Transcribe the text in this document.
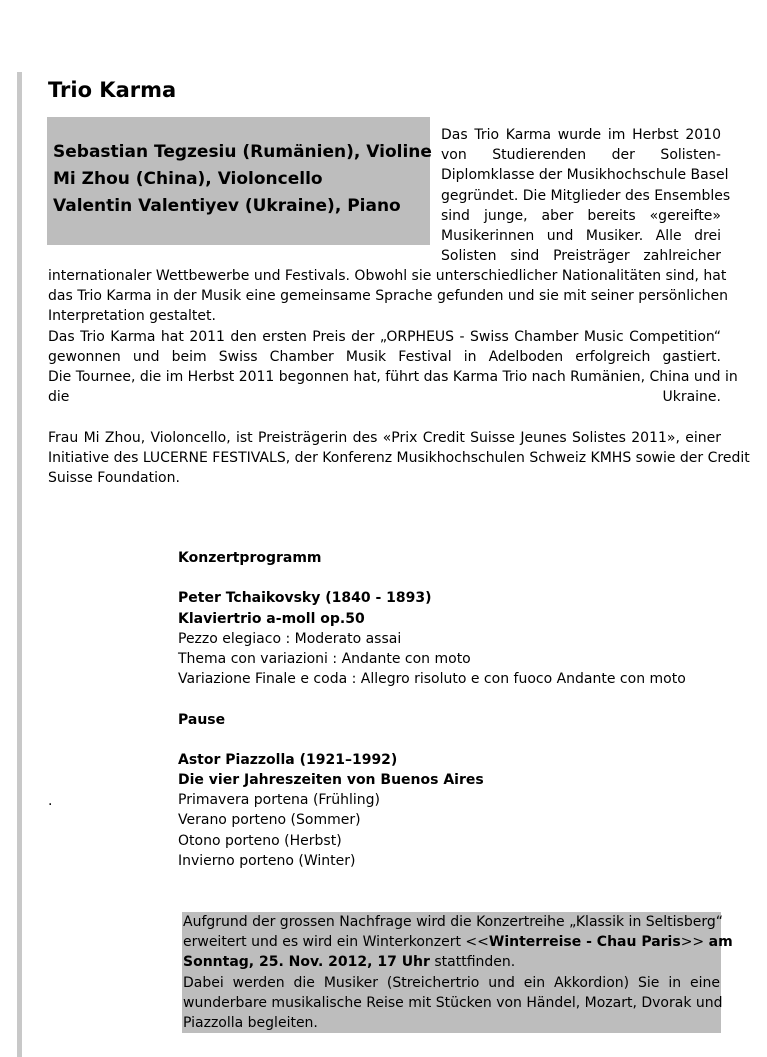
Trio Karma
Sebastian Tegzesiu (Rumänien), Violine
Mi Zhou (China), Violoncello
Valentin Valentiyev (Ukraine), Piano
Das Trio Karma wurde im Herbst 2010
von Studierenden der Solisten-
Diplomklasse der Musikhochschule Basel
gegründet. Die Mitglieder des Ensembles
sind junge, aber bereits «gereifte»
Musikerinnen und Musiker. Alle drei
Solisten sind Preisträger zahlreicher
internationaler Wettbewerbe und Festivals. Obwohl sie unterschiedlicher Nationalitäten sind, hat
das Trio Karma in der Musik eine gemeinsame Sprache gefunden und sie mit seiner persönlichen
Interpretation gestaltet.
Das Trio Karma hat 2011 den ersten Preis der „ORPHEUS - Swiss Chamber Music Competition“
gewonnen und beim Swiss Chamber Musik Festival in Adelboden erfolgreich gastiert.
Die Tournee, die im Herbst 2011 begonnen hat, führt das Karma Trio nach Rumänien, China und in
die Ukraine.
Frau Mi Zhou, Violoncello, ist Preisträgerin des «Prix Credit Suisse Jeunes Solistes 2011», einer
Initiative des LUCERNE FESTIVALS, der Konferenz Musikhochschulen Schweiz KMHS sowie der Credit
Suisse Foundation.
Konzertprogramm
Peter Tchaikovsky (1840 - 1893)
Klaviertrio a-moll op.50
Pezzo elegiaco : Moderato assai
Thema con variazioni : Andante con moto
Variazione Finale e coda : Allegro risoluto e con fuoco Andante con moto
Pause
Astor Piazzolla (1921–1992)
Die vier Jahreszeiten von Buenos Aires
Primavera portena (Frühling)
Verano porteno (Sommer)
Otono porteno (Herbst)
Invierno porteno (Winter)
.
Aufgrund der grossen Nachfrage wird die Konzertreihe „Klassik in Seltisberg“
erweitert und es wird ein Winterkonzert <<Winterreise - Chau Paris>> am
Sonntag, 25. Nov. 2012, 17 Uhr stattfinden.
Dabei werden die Musiker (Streichertrio und ein Akkordion) Sie in eine
wunderbare musikalische Reise mit Stücken von Händel, Mozart, Dvorak und
Piazzolla begleiten.
